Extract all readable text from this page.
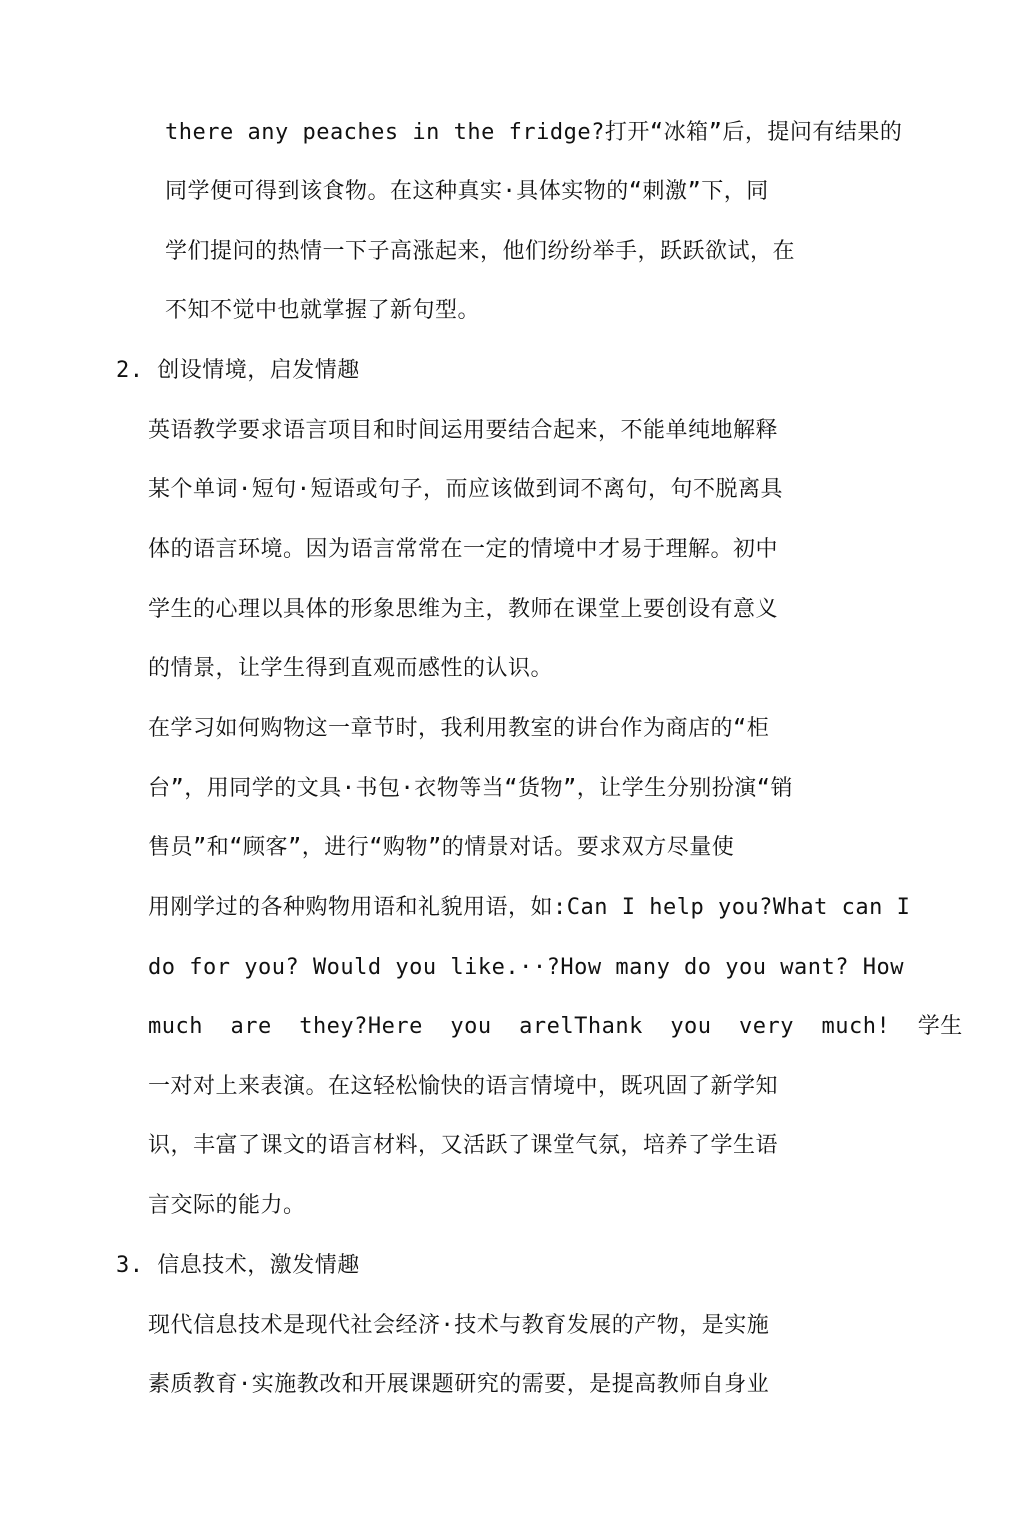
there any peaches in the fridge?打开“冰箱”后，提问有结果的
同学便可得到该食物。在这种真实·具体实物的“刺激”下，同
学们提问的热情一下子高涨起来，他们纷纷举手，跃跃欲试，在
不知不觉中也就掌握了新句型。
2. 创设情境，启发情趣
英语教学要求语言项目和时间运用要结合起来，不能单纯地解释
某个单词·短句·短语或句子，而应该做到词不离句，句不脱离具
体的语言环境。因为语言常常在一定的情境中才易于理解。初中
学生的心理以具体的形象思维为主，教师在课堂上要创设有意义
的情景，让学生得到直观而感性的认识。
在学习如何购物这一章节时，我利用教室的讲台作为商店的“柜
台”，用同学的文具·书包·衣物等当“货物”，让学生分别扮演“销
售员”和“顾客”，进行“购物”的情景对话。要求双方尽量使
用刚学过的各种购物用语和礼貌用语，如:Can I help you?What can I
do for you? Would you like.··?How many do you want? How
much  are  they?Here  you  arelThank  you  very  much!  学生
一对对上来表演。在这轻松愉快的语言情境中，既巩固了新学知
识，丰富了课文的语言材料，又活跃了课堂气氛，培养了学生语
言交际的能力。
3. 信息技术，激发情趣
现代信息技术是现代社会经济·技术与教育发展的产物，是实施
素质教育·实施教改和开展课题研究的需要，是提高教师自身业
